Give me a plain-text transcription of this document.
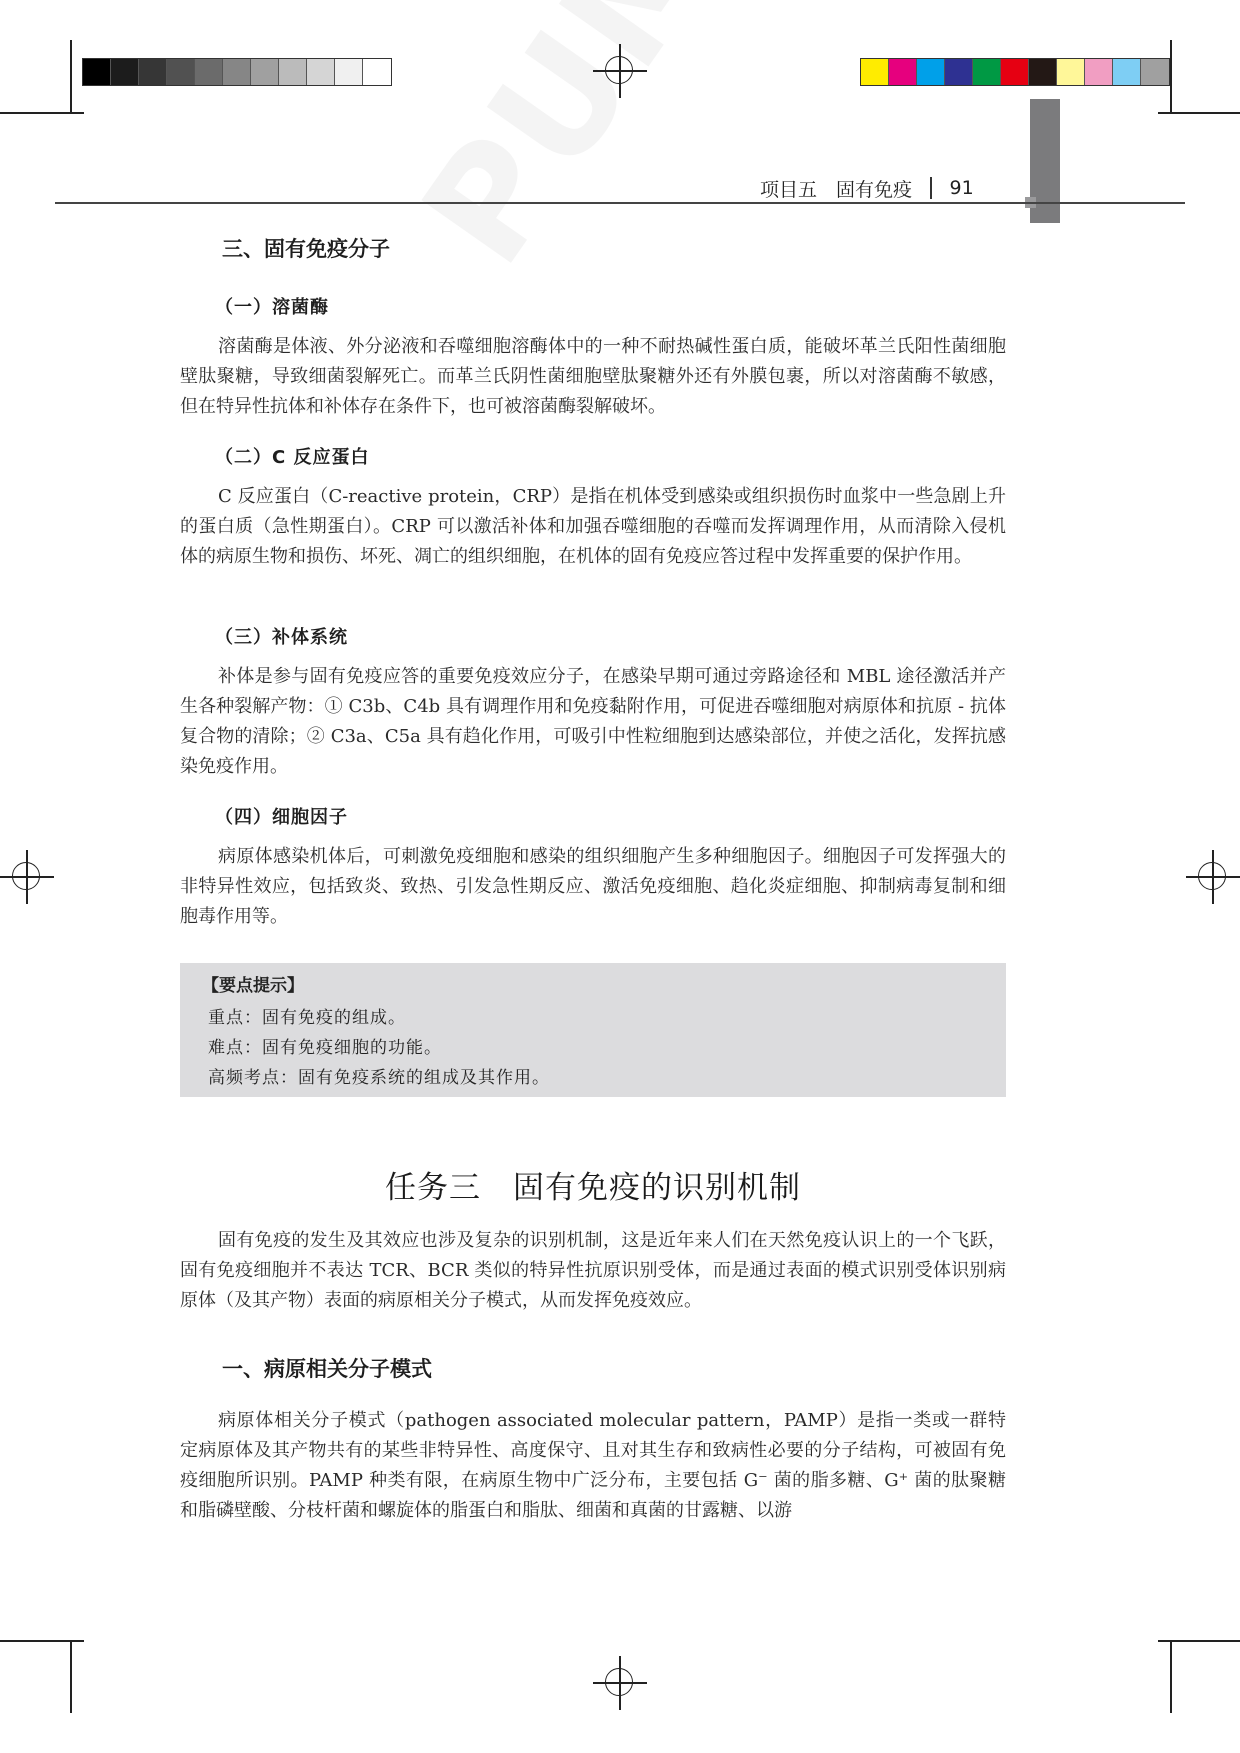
项目五　固有免疫 91
三、固有免疫分子
（一）溶菌酶

溶菌酶是体液、外分泌液和吞噬细胞溶酶体中的一种不耐热碱性蛋白质，能破坏革兰氏阳性菌细胞壁肽聚糖，导致细菌裂解死亡。而革兰氏阴性菌细胞壁肽聚糖外还有外膜包裹，所以对溶菌酶不敏感，但在特异性抗体和补体存在条件下，也可被溶菌酶裂解破坏。

（二）C 反应蛋白

C 反应蛋白（C-reactive protein，CRP）是指在机体受到感染或组织损伤时血浆中一些急剧上升的蛋白质（急性期蛋白）。CRP 可以激活补体和加强吞噬细胞的吞噬而发挥调理作用，从而清除入侵机体的病原生物和损伤、坏死、凋亡的组织细胞，在机体的固有免疫应答过程中发挥重要的保护作用。

（三）补体系统

补体是参与固有免疫应答的重要免疫效应分子，在感染早期可通过旁路途径和 MBL 途径激活并产生各种裂解产物：① C3b、C4b 具有调理作用和免疫黏附作用，可促进吞噬细胞对病原体和抗原 - 抗体复合物的清除；② C3a、C5a 具有趋化作用，可吸引中性粒细胞到达感染部位，并使之活化，发挥抗感染免疫作用。

（四）细胞因子

病原体感染机体后，可刺激免疫细胞和感染的组织细胞产生多种细胞因子。细胞因子可发挥强大的非特异性效应，包括致炎、致热、引发急性期反应、激活免疫细胞、趋化炎症细胞、抑制病毒复制和细胞毒作用等。

【要点提示】
重点：固有免疫的组成。
难点：固有免疫细胞的功能。
高频考点：固有免疫系统的组成及其作用。
任务三　固有免疫的识别机制

固有免疫的发生及其效应也涉及复杂的识别机制，这是近年来人们在天然免疫认识上的一个飞跃，固有免疫细胞并不表达 TCR、BCR 类似的特异性抗原识别受体，而是通过表面的模式识别受体识别病原体（及其产物）表面的病原相关分子模式，从而发挥免疫效应。

一、病原相关分子模式

病原体相关分子模式（pathogen associated molecular pattern，PAMP）是指一类或一群特定病原体及其产物共有的某些非特异性、高度保守、且对其生存和致病性必要的分子结构，可被固有免疫细胞所识别。PAMP 种类有限，在病原生物中广泛分布，主要包括 G⁻ 菌的脂多糖、G⁺ 菌的肽聚糖和脂磷壁酸、分枝杆菌和螺旋体的脂蛋白和脂肽、细菌和真菌的甘露糖、以游
